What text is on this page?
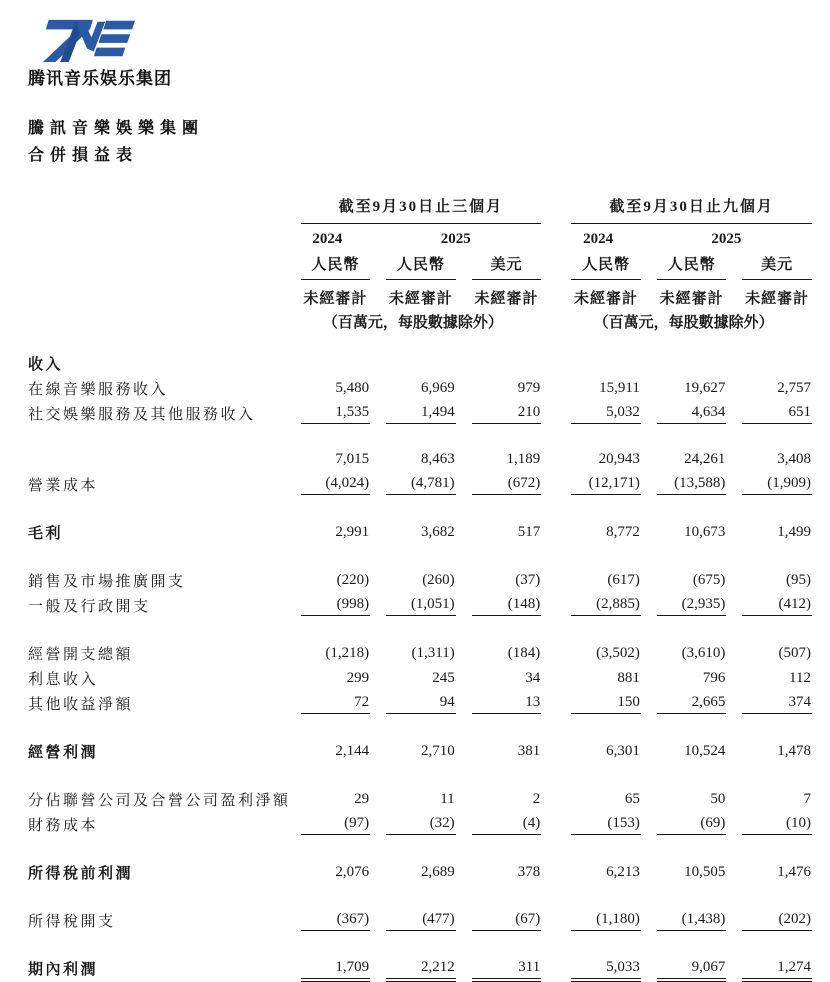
腾讯音乐娱乐集团
騰訊音樂娛樂集團
合併損益表

	截至9月30日止三個月				截至9月30日止九個月		

	2024	2025			2024	2025	

	人民幣	人民幣	美元		人民幣	人民幣	美元

	未經審計	未經審計	未經審計		未經審計	未經審計	未經審計

	（百萬元，每股數據除外）				（百萬元，每股數據除外）		
收入	

在線音樂服務收入	5,480	6,969	979		15,911	19,627	2,757

社交娛樂服務及其他服務收入	1,535	1,494	210		5,032	4,634	651

	7,015	8,463	1,189		20,943	24,261	3,408

營業成本	(4,024)	(4,781)	(672)		(12,171)	(13,588)	(1,909)

毛利	2,991	3,682	517		8,772	10,673	1,499

銷售及市場推廣開支	(220)	(260)	(37)		(617)	(675)	(95)

一般及行政開支	(998)	(1,051)	(148)		(2,885)	(2,935)	(412)

經營開支總額	(1,218)	(1,311)	(184)		(3,502)	(3,610)	(507)

利息收入	299	245	34		881	796	112

其他收益淨額	72	94	13		150	2,665	374

經營利潤	2,144	2,710	381		6,301	10,524	1,478

分佔聯營公司及合營公司盈利淨額	29	11	2		65	50	7

財務成本	(97)	(32)	(4)		(153)	(69)	(10)

所得稅前利潤	2,076	2,689	378		6,213	10,505	1,476

所得稅開支	(367)	(477)	(67)		(1,180)	(1,438)	(202)

期內利潤	1,709	2,212	311		5,033	9,067	1,274
